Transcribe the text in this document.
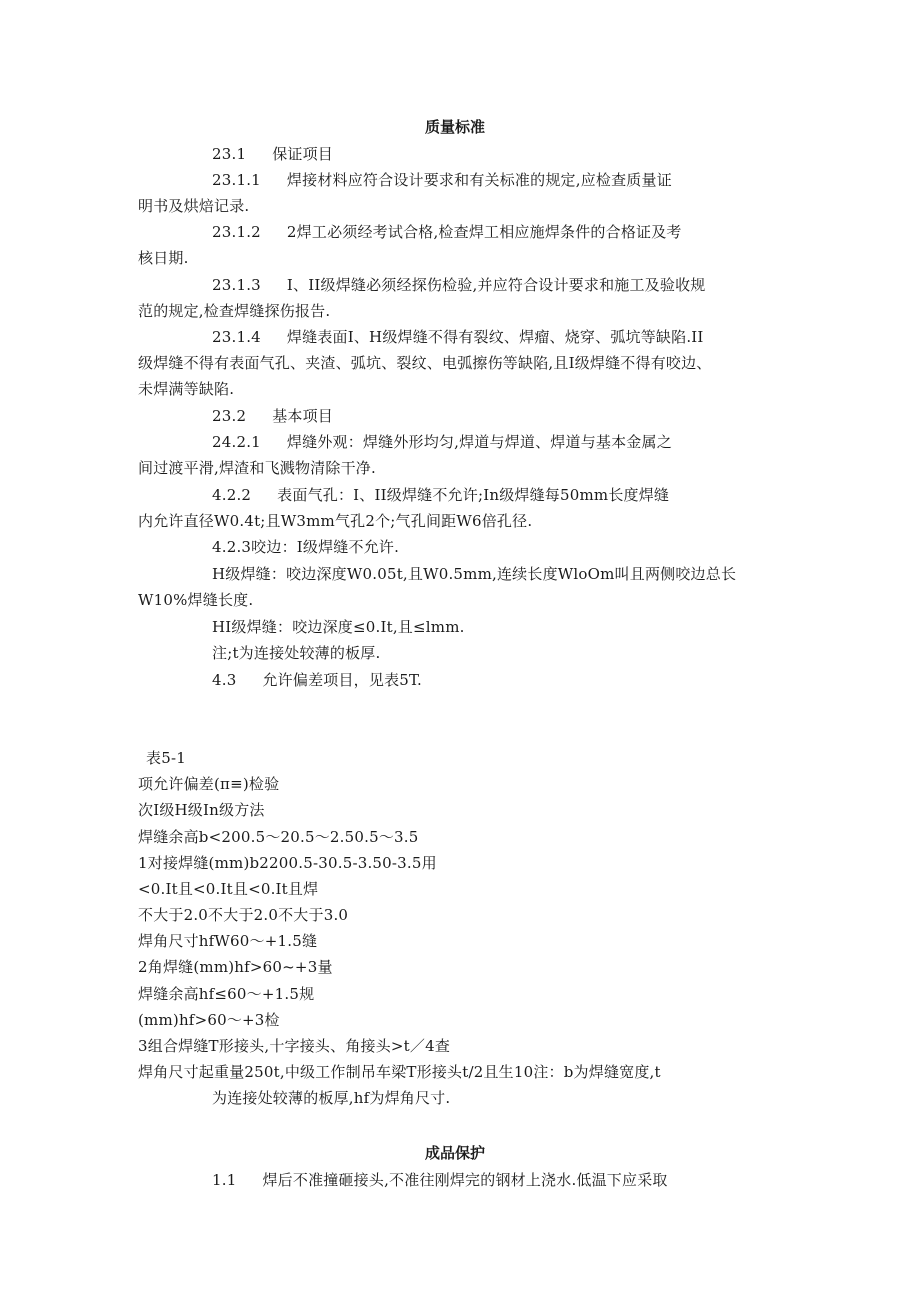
质量标准
23.1 保证项目
23.1.1 焊接材料应符合设计要求和有关标准的规定,应检查质量证
明书及烘焙记录.
23.1.2 2焊工必须经考试合格,检查焊工相应施焊条件的合格证及考
核日期.
23.1.3 I、II级焊缝必须经探伤检验,并应符合设计要求和施工及验收规
范的规定,检查焊缝探伤报告.
23.1.4 焊缝表面I、H级焊缝不得有裂纹、焊瘤、烧穿、弧坑等缺陷.II
级焊缝不得有表面气孔、夹渣、弧坑、裂纹、电弧擦伤等缺陷,且I级焊缝不得有咬边、
未焊满等缺陷.
23.2 基本项目
24.2.1 焊缝外观：焊缝外形均匀,焊道与焊道、焊道与基本金属之
间过渡平滑,焊渣和飞溅物清除干净.
4.2.2 表面气孔：I、II级焊缝不允许;In级焊缝每50mm长度焊缝
内允许直径W0.4t;且W3mm气孔2个;气孔间距W6倍孔径.
4.2.3咬边：I级焊缝不允许.
H级焊缝：咬边深度W0.05t,且W0.5mm,连续长度WloOm叫且两侧咬边总长
W10%焊缝长度.
HI级焊缝：咬边深度≤0.It,且≤lmm.
注;t为连接处较薄的板厚.
4.3 允许偏差项目，见表5T.
表5-1
项允许偏差(π≡)检验
次I级H级In级方法
焊缝余高b<200.5～20.5～2.50.5～3.5
1对接焊缝(mm)b2200.5-30.5-3.50-3.5用
<0.It且<0.It且<0.It且焊
不大于2.0不大于2.0不大于3.0
焊角尺寸hfW60～+1.5缝
2角焊缝(mm)hf>60~+3量
焊缝余高hf≤60～+1.5规
(mm)hf>60～+3检
3组合焊缝T形接头,十字接头、角接头>t／4查
焊角尺寸起重量250t,中级工作制吊车梁T形接头t/2且生10注：b为焊缝宽度,t
为连接处较薄的板厚,hf为焊角尺寸.
成品保护
1.1 焊后不准撞砸接头,不准往刚焊完的钢材上浇水.低温下应采取
